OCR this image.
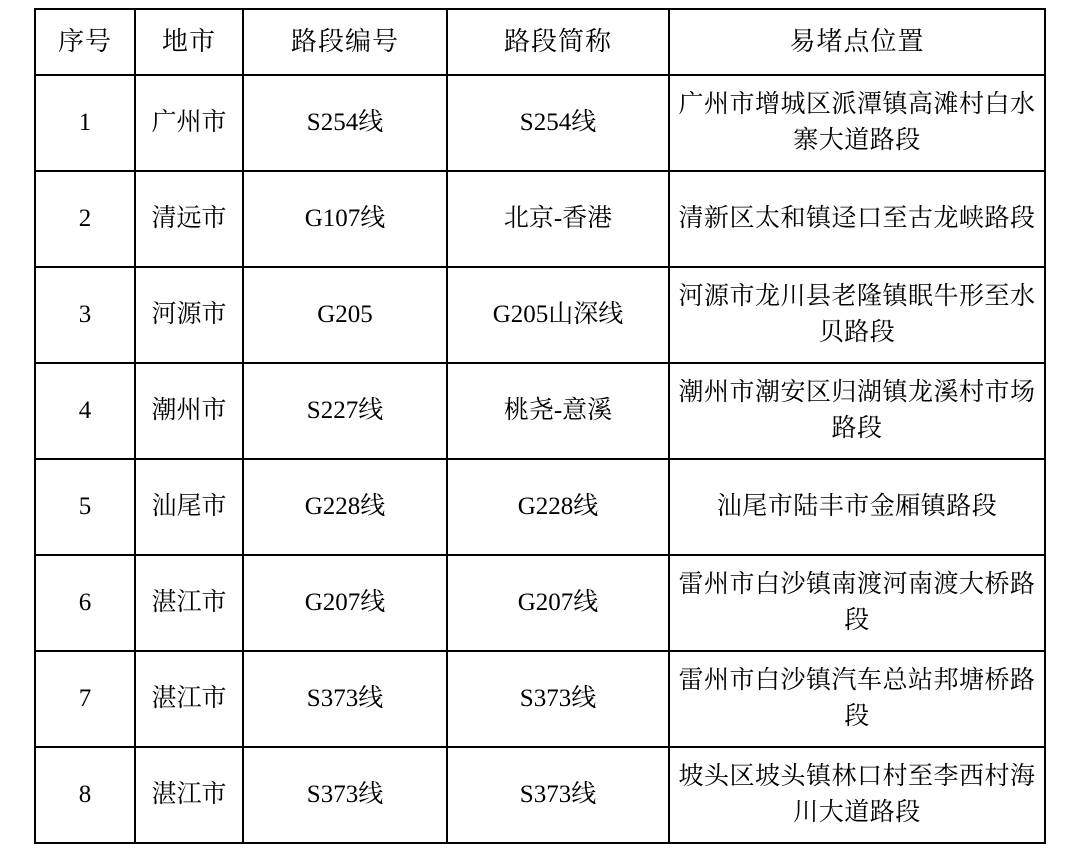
序号	地市	路段编号	路段简称	易堵点位置
1	广州市	S254线	S254线	广州市增城区派潭镇高滩村白水寨大道路段
2	清远市	G107线	北京-香港	清新区太和镇迳口至古龙峡路段
3	河源市	G205	G205山深线	河源市龙川县老隆镇眠牛形至水贝路段
4	潮州市	S227线	桃尧-意溪	潮州市潮安区归湖镇龙溪村市场路段
5	汕尾市	G228线	G228线	汕尾市陆丰市金厢镇路段
6	湛江市	G207线	G207线	雷州市白沙镇南渡河南渡大桥路段
7	湛江市	S373线	S373线	雷州市白沙镇汽车总站邦塘桥路段
8	湛江市	S373线	S373线	坡头区坡头镇林口村至李西村海川大道路段
